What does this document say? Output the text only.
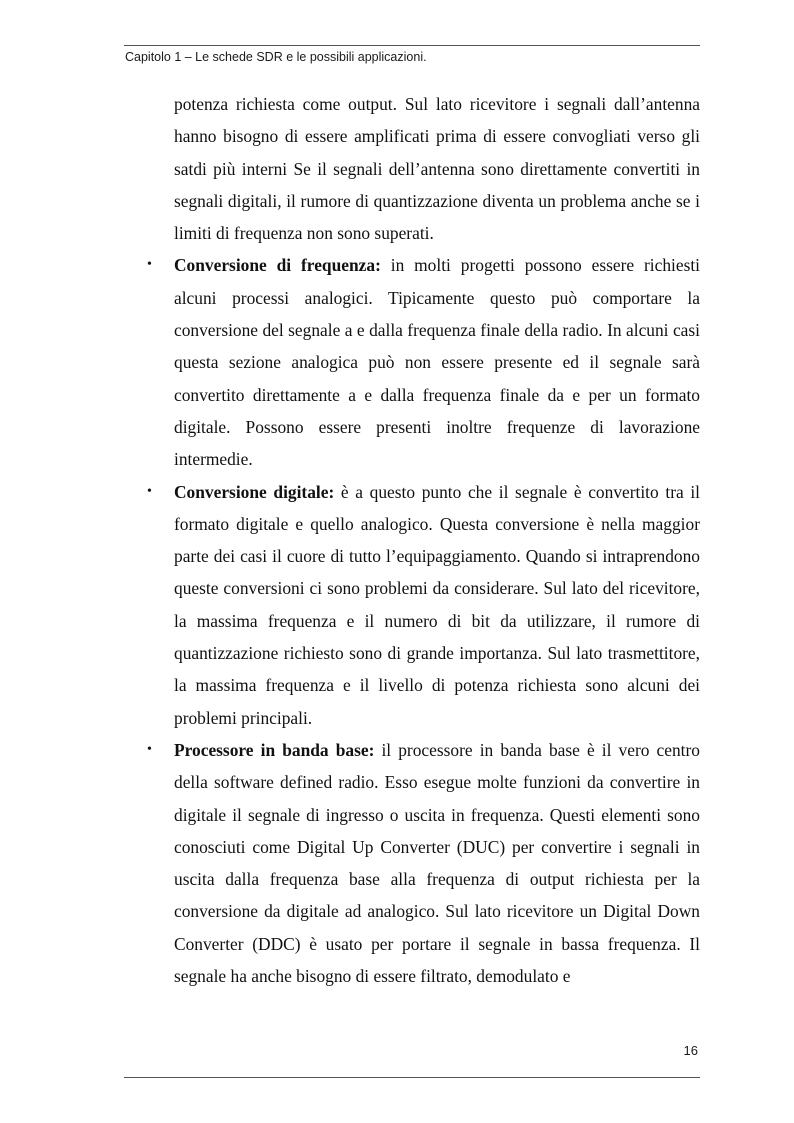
Capitolo 1 – Le schede SDR e le possibili applicazioni.

potenza richiesta come output. Sul lato ricevitore i segnali dall’antenna hanno bisogno di essere amplificati prima di essere convogliati verso gli satdi più interni Se il segnali dell’antenna sono direttamente convertiti in segnali digitali, il rumore di quantizzazione diventa un problema anche se i limiti di frequenza non sono superati.

• Conversione di frequenza: in molti progetti possono essere richiesti alcuni processi analogici. Tipicamente questo può comportare la conversione del segnale a e dalla frequenza finale della radio. In alcuni casi questa sezione analogica può non essere presente ed il segnale sarà convertito direttamente a e dalla frequenza finale da e per un formato digitale. Possono essere presenti inoltre frequenze di lavorazione intermedie.

• Conversione digitale: è a questo punto che il segnale è convertito tra il formato digitale e quello analogico. Questa conversione è nella maggior parte dei casi il cuore di tutto l’equipaggiamento. Quando si intraprendono queste conversioni ci sono problemi da considerare. Sul lato del ricevitore, la massima frequenza e il numero di bit da utilizzare, il rumore di quantizzazione richiesto sono di grande importanza. Sul lato trasmettitore, la massima frequenza e il livello di potenza richiesta sono alcuni dei problemi principali.

• Processore in banda base: il processore in banda base è il vero centro della software defined radio. Esso esegue molte funzioni da convertire in digitale il segnale di ingresso o uscita in frequenza. Questi elementi sono conosciuti come Digital Up Converter (DUC) per convertire i segnali in uscita dalla frequenza base alla frequenza di output richiesta per la conversione da digitale ad analogico. Sul lato ricevitore un Digital Down Converter (DDC) è usato per portare il segnale in bassa frequenza. Il segnale ha anche bisogno di essere filtrato, demodulato e

16
